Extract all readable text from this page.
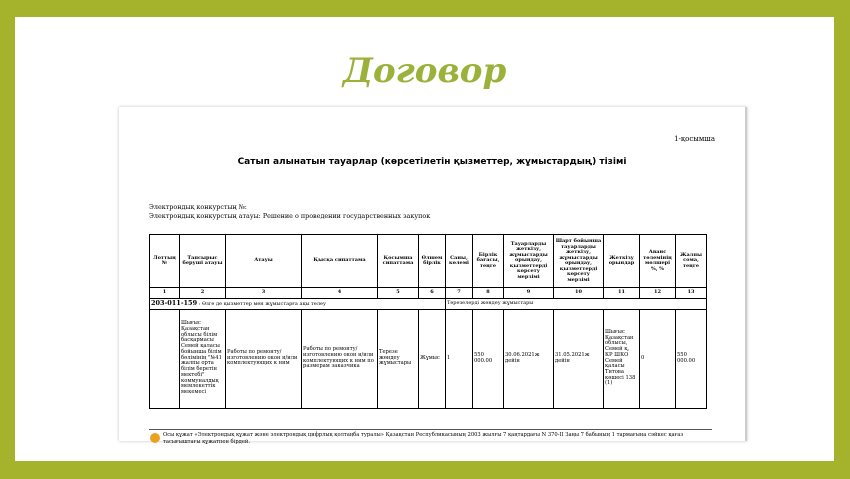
Договор
1-қосымша
Сатып алынатын тауарлар (көрсетілетін қызметтер, жұмыстардың) тізімі
Электрондық конкурстың №:
Электрондық конкурстың атауы: Решение о проведении государственных закупок
Лоттың №	Тапсырыс беруші атауы	Атауы	Қысқа сипаттама	Қосымша сипаттама	Өлшем бірлік	Саны, көлемі	Бірлік бағасы, теңге	Тауарларды жеткізу, жұмыстарды орындау, қызметтерді көрсету мерзімі	Шарт бойынша тауарларды жеткізу, жұмыстарды орындау, қызметтерді көрсету мерзімі	Жеткізу орындар	Аванс төлемінің мөлшері %, %	Жалпы сома, теңге
1	2	3	4	5	6	7	8	9	10	11	12	13
203-011-159 : Өзге де қызметтер мен жұмыстарға ақы төлеу						Терезелерді жөндеу жұмыстары						
	Шығыс Қазақстан облысы білім басқармасы Семей қаласы бойынша білім бөлімінің "№41 жалпы орта білім беретін мектебі" коммуналдық мемлекеттік мекемесі	Работы по ремонту/изготовлению окон и/или комплектующих к ним	Работы по ремонту/изготовлению окон и/или комплектующих к ним по размерам заказчика	Терезе жөндеу жұмыстары	Жұмыс	1	550 000.00	30.06.2021ж дейін	31.05.2021ж дейін	Шығыс Қазақстан облысы, Семей қ, КР ШКО Семей қаласы Титова көшесі 138 (1)	0	550 000.00
Осы құжат «Электрондық құжат және электрондық цифрлық қолтаңба туралы» Қазақстан Республикасының 2003 жылғы 7 қаңтардағы N 370-II Заңы 7 бабының 1 тармағына сәйкес қағаз тасығыштағы құжатпен бірдей.
